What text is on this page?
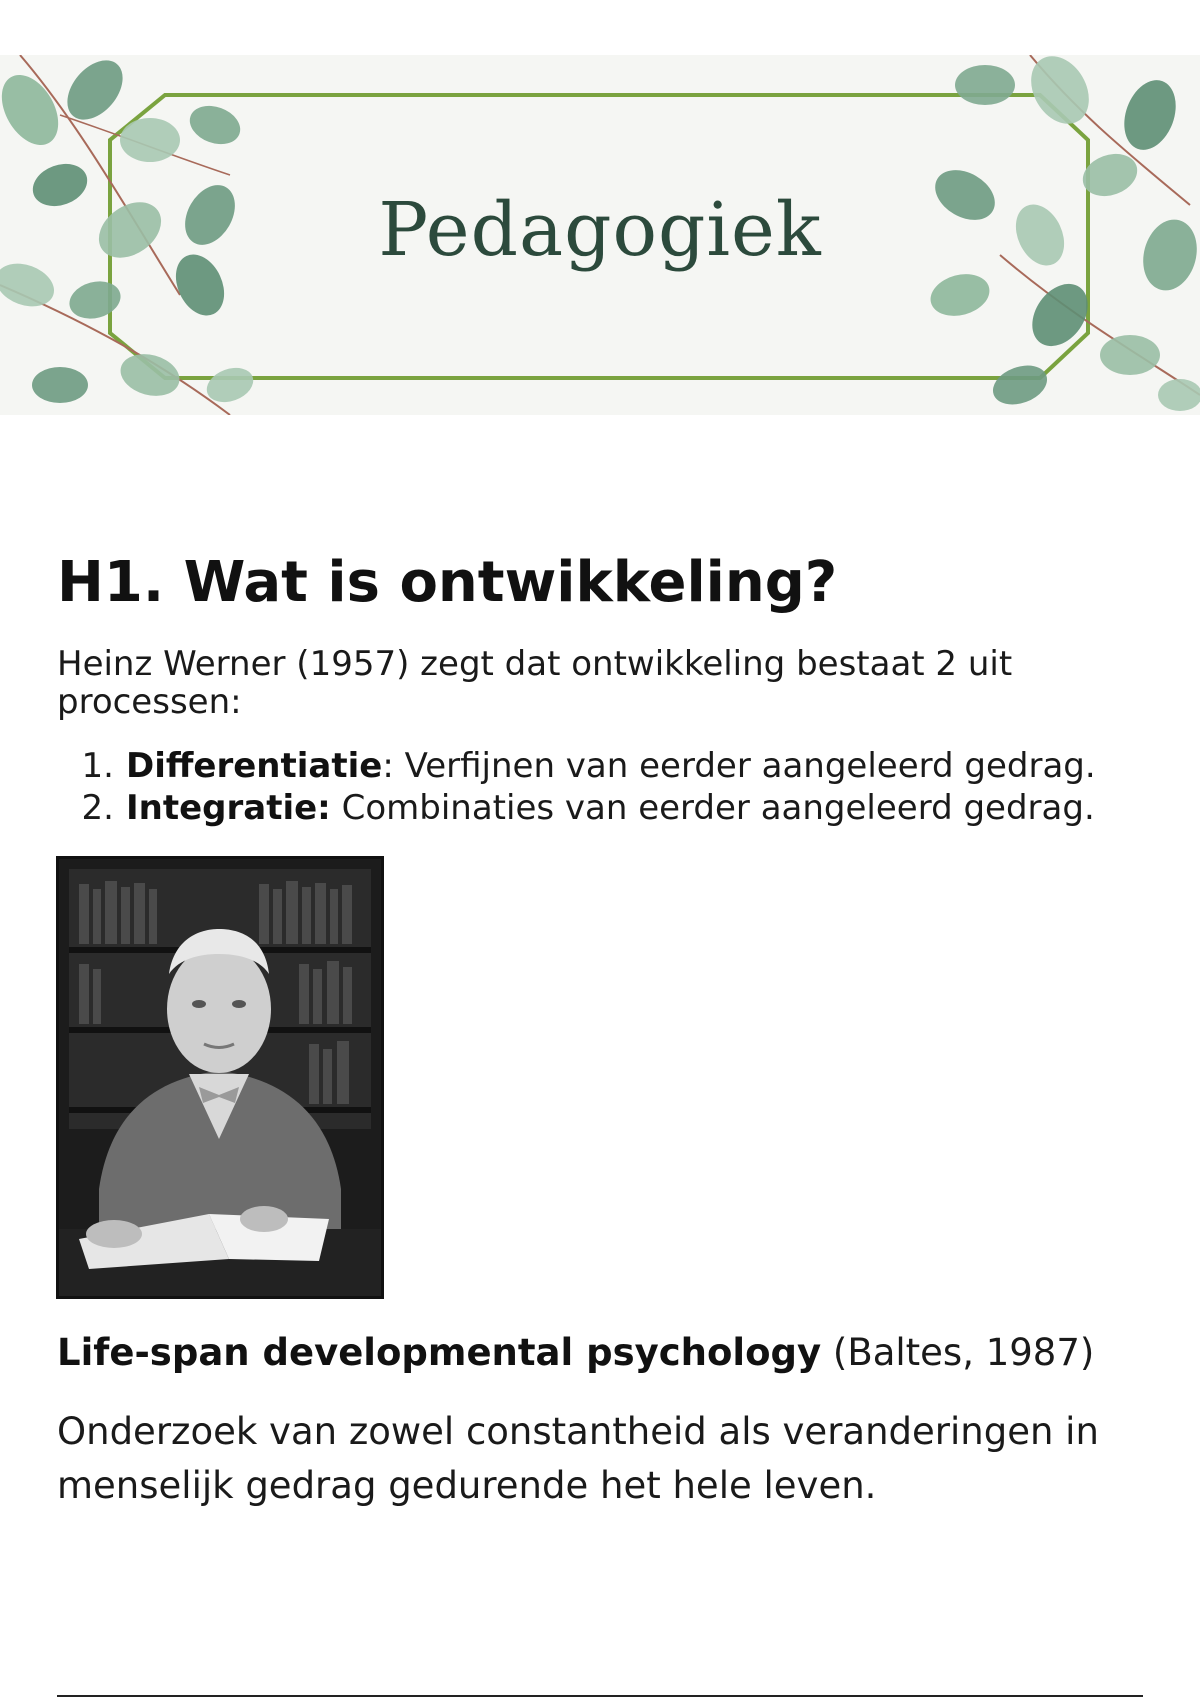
Pedagogiek
H1. Wat is ontwikkeling?

Heinz Werner (1957) zegt dat ontwikkeling bestaat 2 uit processen:

1. Differentiatie: Verfijnen van eerder aangeleerd gedrag.
2. Integratie: Combinaties van eerder aangeleerd gedrag.

Life-span developmental psychology (Baltes, 1987)

Onderzoek van zowel constantheid als veranderingen in menselijk gedrag gedurende het hele leven.
